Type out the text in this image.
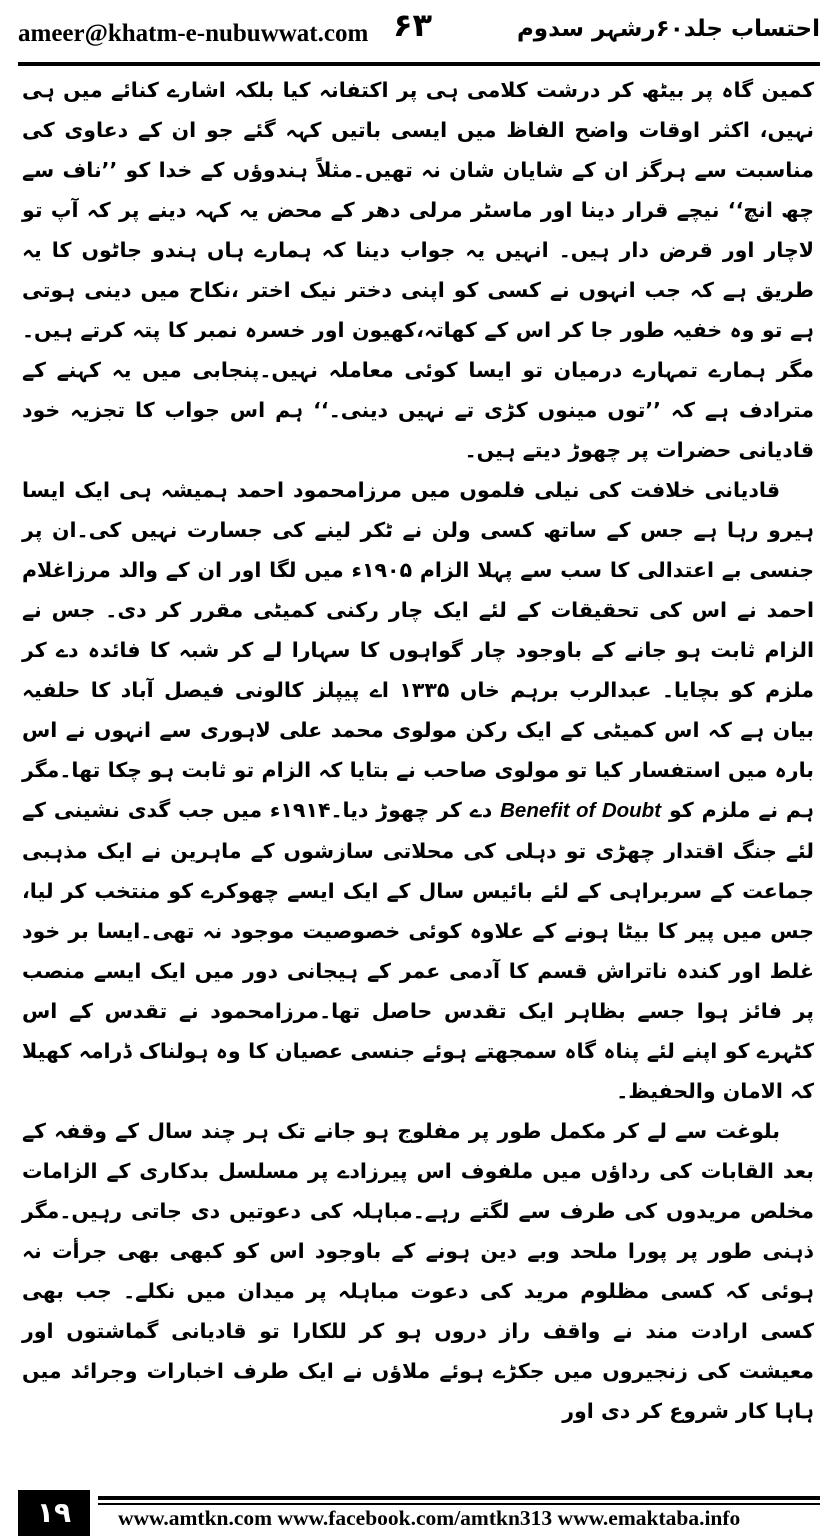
ameer@khatm-e-nubuwwat.com ۶۳	احتساب جلد۶۰رشہر سدوم

کمین گاہ پر بیٹھ کر درشت کلامی ہی پر اکتفانہ کیا بلکہ اشارے کنائے میں ہی نہیں، اکثر اوقات واضح الفاظ میں ایسی باتیں کہہ گئے جو ان کے دعاوی کی مناسبت سے ہرگز ان کے شایان شان نہ تھیں۔مثلاً ہندوؤں کے خدا کو ’’ناف سے چھ انچ‘‘ نیچے قرار دینا اور ماسٹر مرلی دھر کے محض یہ کہہ دینے پر کہ آپ تو لاچار اور قرض دار ہیں۔ انہیں یہ جواب دینا کہ ہمارے ہاں ہندو جاٹوں کا یہ طریق ہے کہ جب انہوں نے کسی کو اپنی دختر نیک اختر ،نکاح میں دینی ہوتی ہے تو وہ خفیہ طور جا کر اس کے کھاتہ،کھیون اور خسرہ نمبر کا پتہ کرتے ہیں۔مگر ہمارے تمہارے درمیان تو ایسا کوئی معاملہ نہیں۔پنجابی میں یہ کہنے کے مترادف ہے کہ ’’توں مینوں کڑی تے نہیں دینی۔‘‘ ہم اس جواب کا تجزیہ خود قادیانی حضرات پر چھوڑ دیتے ہیں۔

قادیانی خلافت کی نیلی فلموں میں مرزامحمود احمد ہمیشہ ہی ایک ایسا ہیرو رہا ہے جس کے ساتھ کسی ولن نے ٹکر لینے کی جسارت نہیں کی۔ان پر جنسی بے اعتدالی کا سب سے پہلا الزام ۱۹۰۵ء میں لگا اور ان کے والد مرزاغلام احمد نے اس کی تحقیقات کے لئے ایک چار رکنی کمیٹی مقرر کر دی۔ جس نے الزام ثابت ہو جانے کے باوجود چار گواہوں کا سہارا لے کر شبہ کا فائدہ دے کر ملزم کو بچایا۔ عبدالرب برہم خاں ۱۳۳۵ اے پیپلز کالونی فیصل آباد کا حلفیہ بیان ہے کہ اس کمیٹی کے ایک رکن مولوی محمد علی لاہوری سے انہوں نے اس بارہ میں استفسار کیا تو مولوی صاحب نے بتایا کہ الزام تو ثابت ہو چکا تھا۔مگر ہم نے ملزم کو Benefit of Doubt دے کر چھوڑ دیا۔۱۹۱۴ء میں جب گدی نشینی کے لئے جنگ اقتدار چھڑی تو دہلی کی محلاتی سازشوں کے ماہرین نے ایک مذہبی جماعت کے سربراہی کے لئے بائیس سال کے ایک ایسے چھوکرے کو منتخب کر لیا، جس میں پیر کا بیٹا ہونے کے علاوہ کوئی خصوصیت موجود نہ تھی۔ایسا بر خود غلط اور کندہ ناتراش قسم کا آدمی عمر کے ہیجانی دور میں ایک ایسے منصب پر فائز ہوا جسے بظاہر ایک تقدس حاصل تھا۔مرزامحمود نے تقدس کے اس کٹہرے کو اپنے لئے پناہ گاہ سمجھتے ہوئے جنسی عصیان کا وہ ہولناک ڈرامہ کھیلا کہ الامان والحفیظ۔

بلوغت سے لے کر مکمل طور پر مفلوج ہو جانے تک ہر چند سال کے وقفہ کے بعد القابات کی رداؤں میں ملفوف اس پیرزادے پر مسلسل بدکاری کے الزامات مخلص مریدوں کی طرف سے لگتے رہے۔مباہلہ کی دعوتیں دی جاتی رہیں۔مگر ذہنی طور پر پورا ملحد وبے دین ہونے کے باوجود اس کو کبھی بھی جرأت نہ ہوئی کہ کسی مظلوم مرید کی دعوت مباہلہ پر میدان میں نکلے۔ جب بھی کسی ارادت مند نے واقف راز دروں ہو کر للکارا تو قادیانی گماشتوں اور معیشت کی زنجیروں میں جکڑے ہوئے ملاؤں نے ایک طرف اخبارات وجرائد میں ہاہا کار شروع کر دی اور

۱۹	www.amtkn.com www.facebook.com/amtkn313 www.emaktaba.info
